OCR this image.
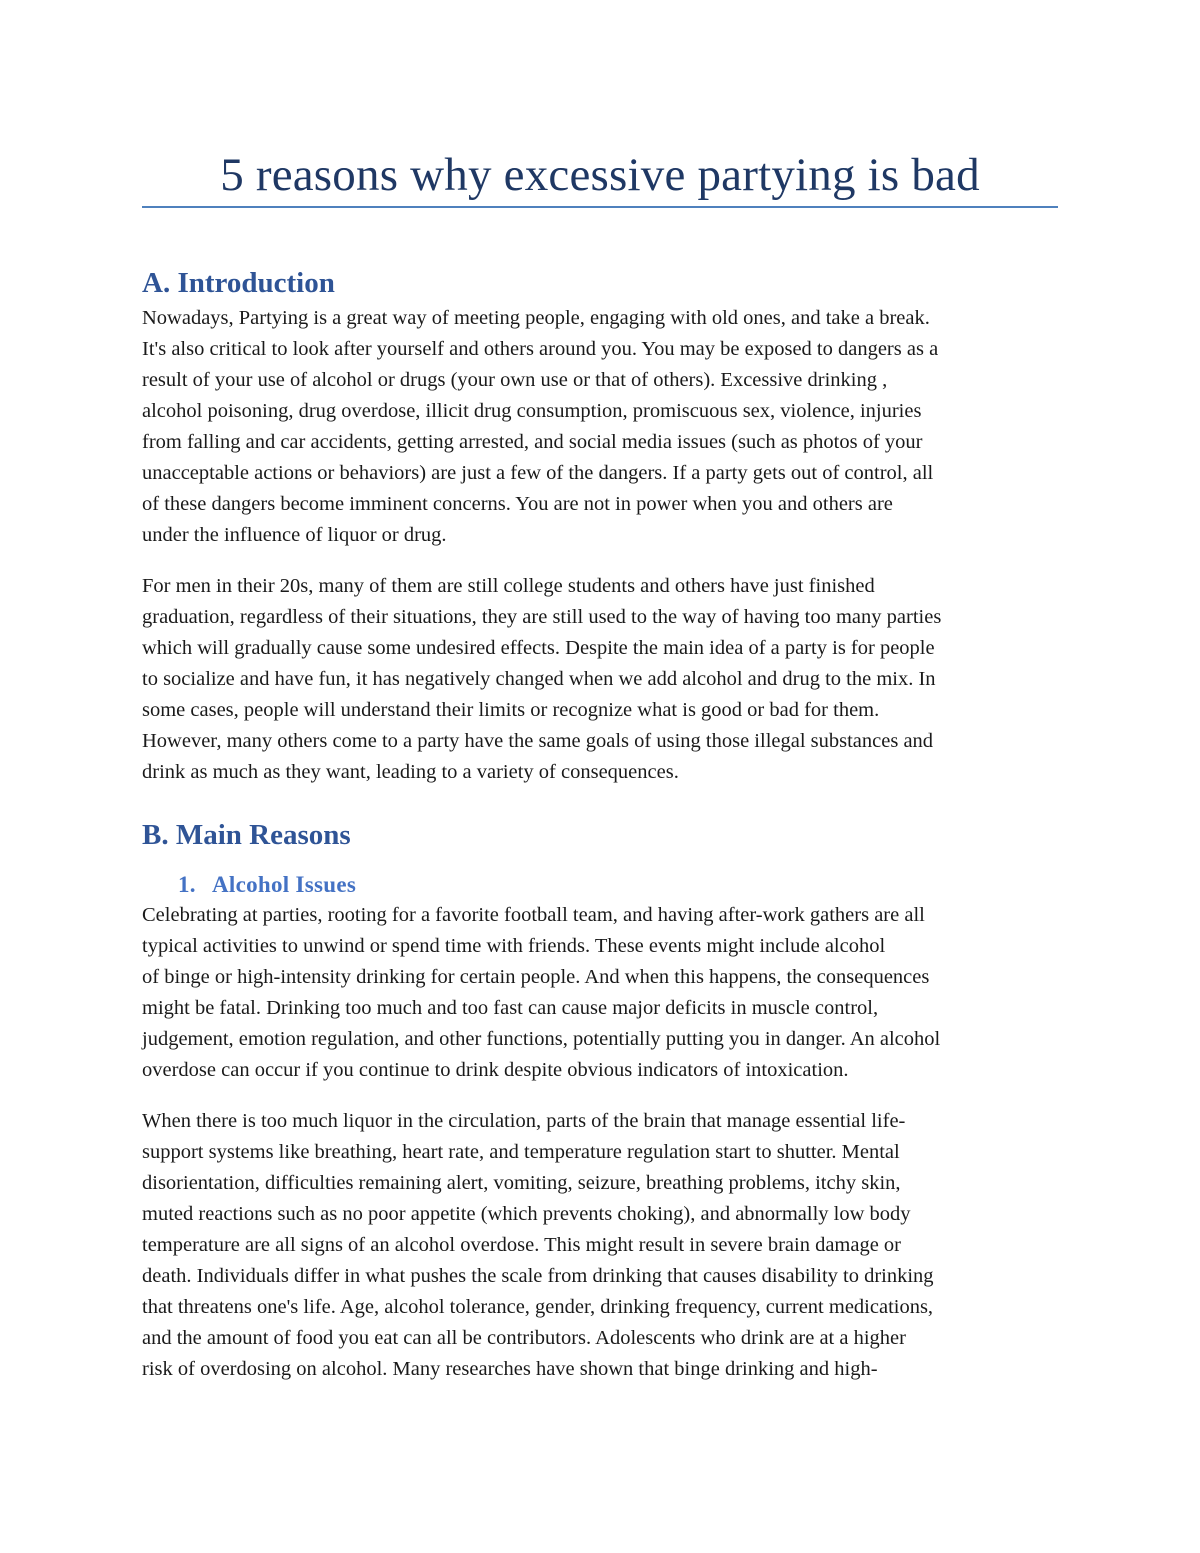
5 reasons why excessive partying is bad
A. Introduction

Nowadays, Partying is a great way of meeting people, engaging with old ones, and take a break.
It's also critical to look after yourself and others around you. You may be exposed to dangers as a
result of your use of alcohol or drugs (your own use or that of others). Excessive drinking ,
alcohol poisoning, drug overdose, illicit drug consumption, promiscuous sex, violence, injuries
from falling and car accidents, getting arrested, and social media issues (such as photos of your
unacceptable actions or behaviors) are just a few of the dangers. If a party gets out of control, all
of these dangers become imminent concerns. You are not in power when you and others are
under the influence of liquor or drug.

For men in their 20s, many of them are still college students and others have just finished
graduation, regardless of their situations, they are still used to the way of having too many parties
which will gradually cause some undesired effects. Despite the main idea of a party is for people
to socialize and have fun, it has negatively changed when we add alcohol and drug to the mix. In
some cases, people will understand their limits or recognize what is good or bad for them.
However, many others come to a party have the same goals of using those illegal substances and
drink as much as they want, leading to a variety of consequences.

B. Main Reasons
1. Alcohol Issues

Celebrating at parties, rooting for a favorite football team, and having after-work gathers are all
typical activities to unwind or spend time with friends. These events might include alcohol
of binge or high-intensity drinking for certain people. And when this happens, the consequences
might be fatal. Drinking too much and too fast can cause major deficits in muscle control,
judgement, emotion regulation, and other functions, potentially putting you in danger. An alcohol
overdose can occur if you continue to drink despite obvious indicators of intoxication.

When there is too much liquor in the circulation, parts of the brain that manage essential life-
support systems like breathing, heart rate, and temperature regulation start to shutter. Mental
disorientation, difficulties remaining alert, vomiting, seizure, breathing problems, itchy skin,
muted reactions such as no poor appetite (which prevents choking), and abnormally low body
temperature are all signs of an alcohol overdose. This might result in severe brain damage or
death. Individuals differ in what pushes the scale from drinking that causes disability to drinking
that threatens one's life. Age, alcohol tolerance, gender, drinking frequency, current medications,
and the amount of food you eat can all be contributors. Adolescents who drink are at a higher
risk of overdosing on alcohol. Many researches have shown that binge drinking and high-
